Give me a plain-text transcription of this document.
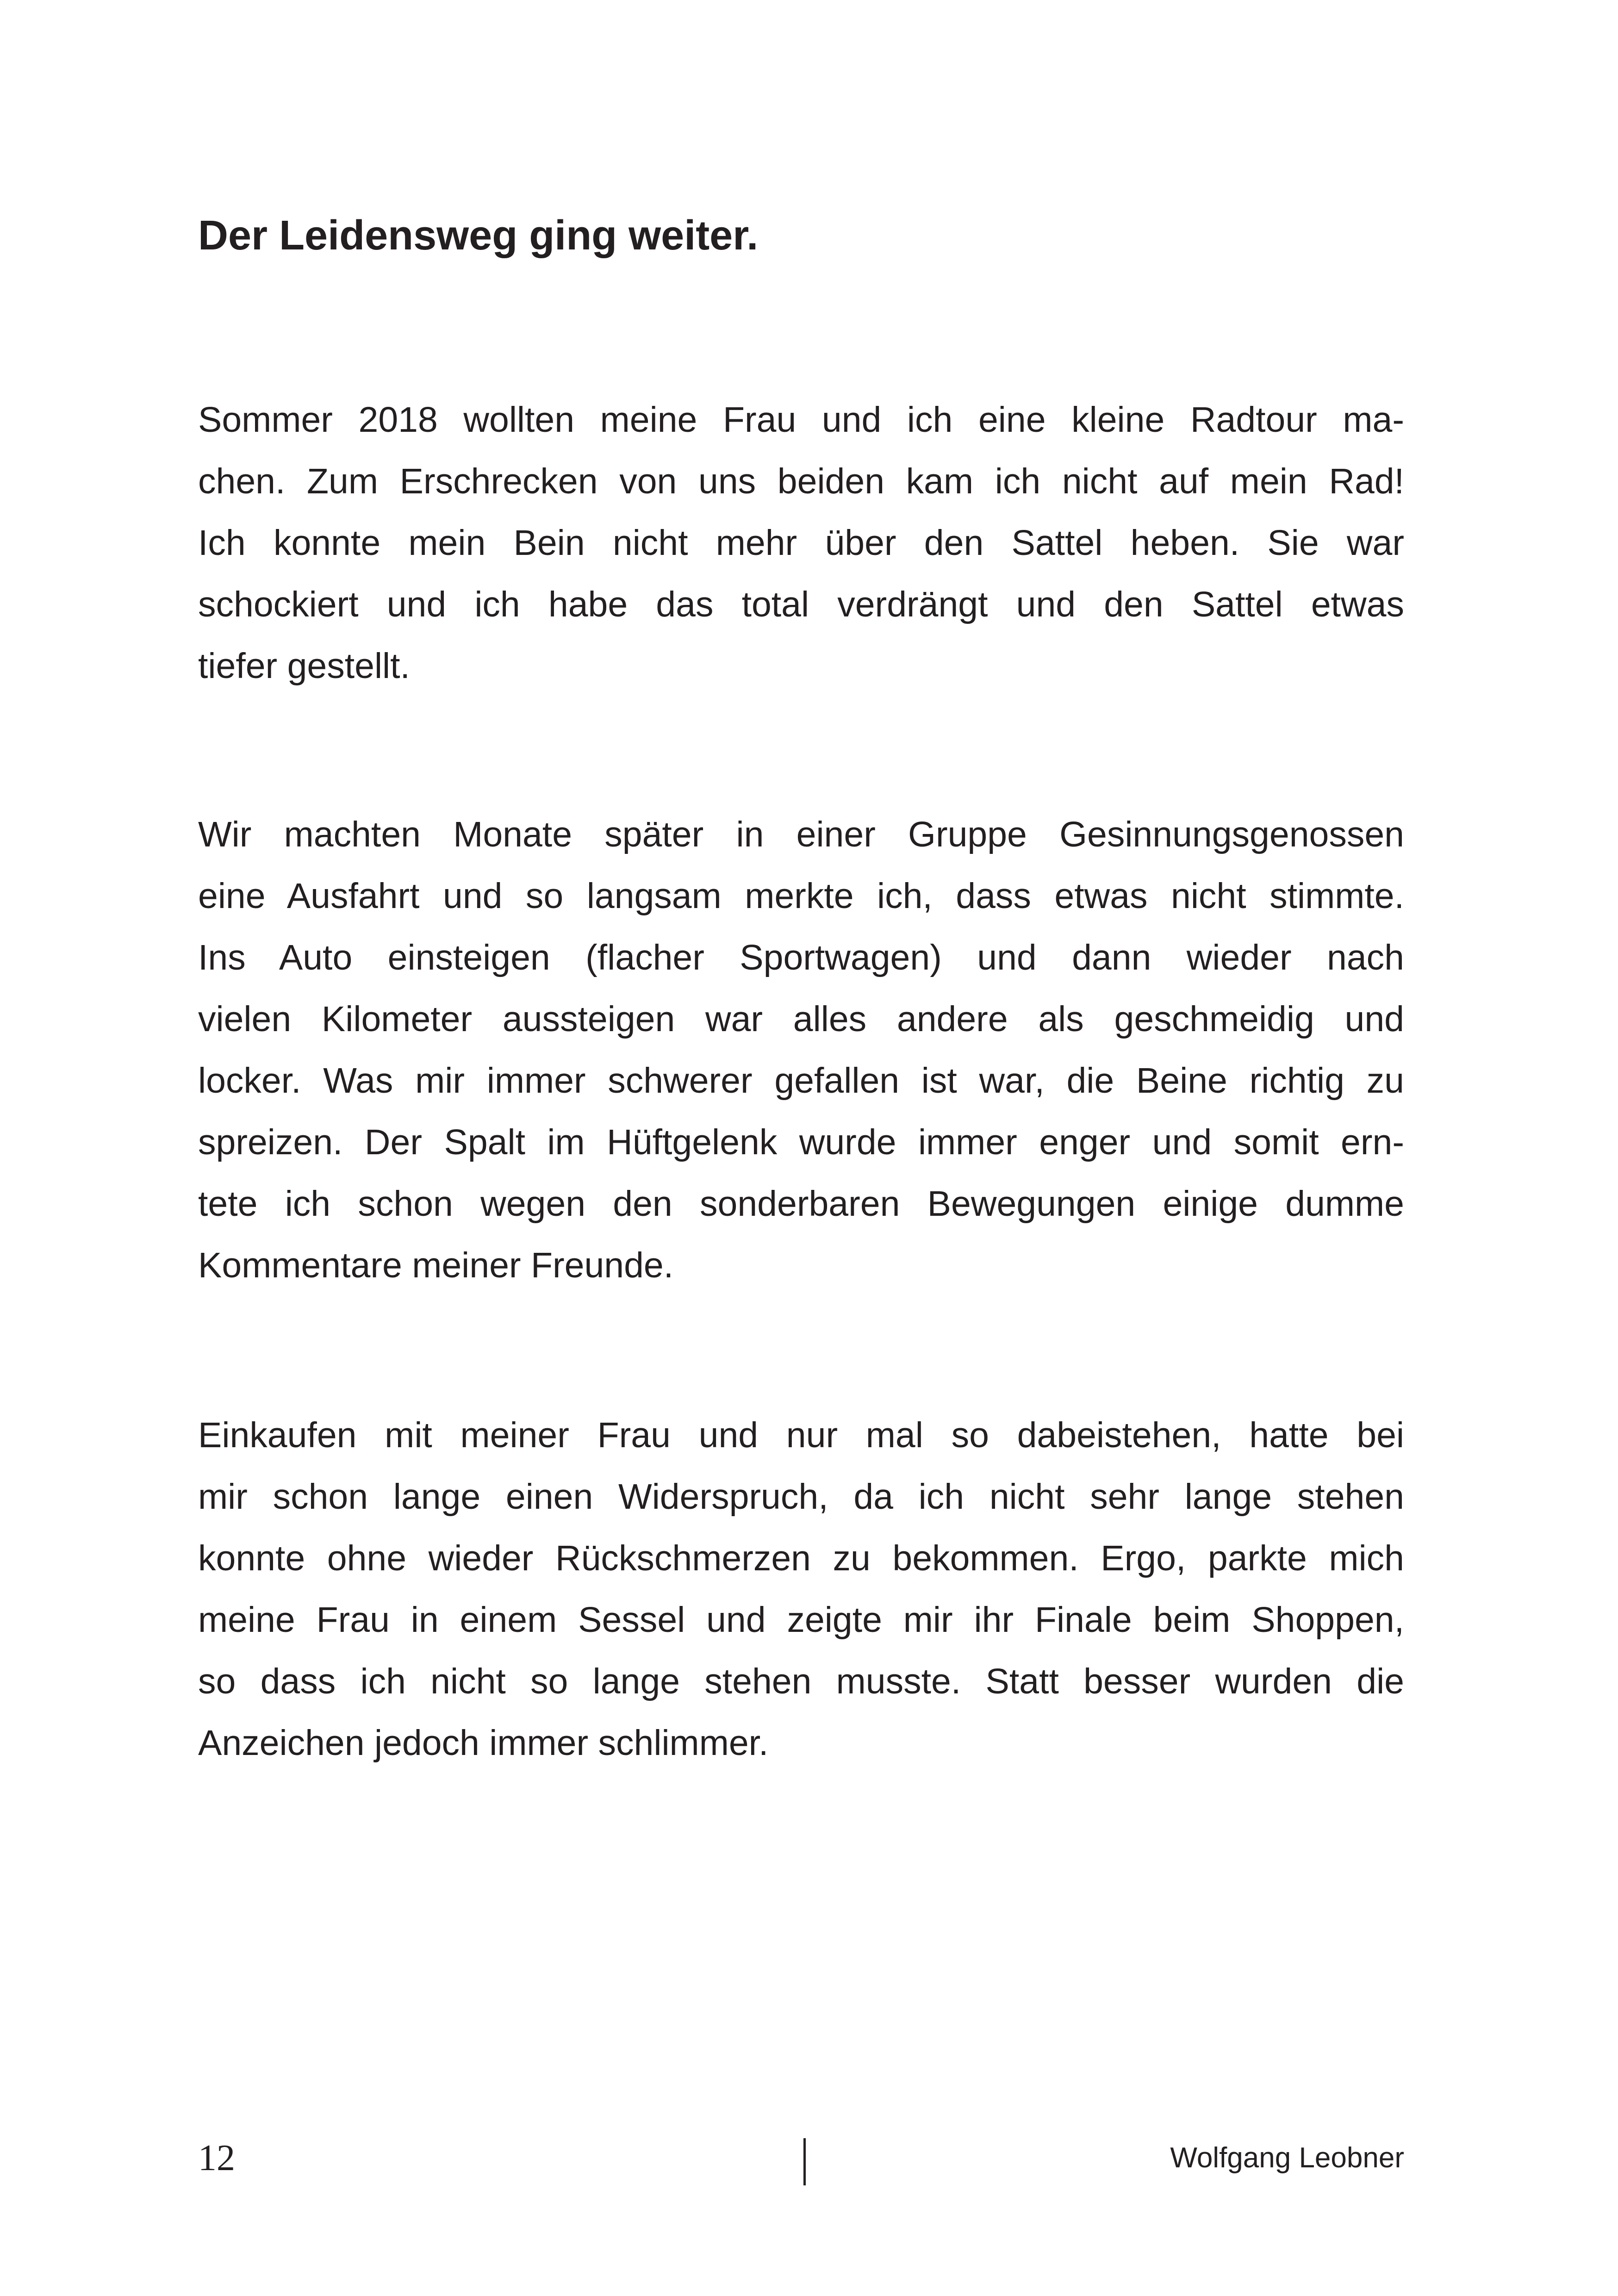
Der Leidensweg ging weiter.

Sommer 2018 wollten meine Frau und ich eine kleine Radtour ma-
chen. Zum Erschrecken von uns beiden kam ich nicht auf mein Rad!
Ich konnte mein Bein nicht mehr über den Sattel heben. Sie war
schockiert und ich habe das total verdrängt und den Sattel etwas
tiefer gestellt.

Wir machten Monate später in einer Gruppe Gesinnungsgenossen
eine Ausfahrt und so langsam merkte ich, dass etwas nicht stimmte.
Ins Auto einsteigen (flacher Sportwagen) und dann wieder nach
vielen Kilometer aussteigen war alles andere als geschmeidig und
locker. Was mir immer schwerer gefallen ist war, die Beine richtig zu
spreizen. Der Spalt im Hüftgelenk wurde immer enger und somit ern-
tete ich schon wegen den sonderbaren Bewegungen einige dumme
Kommentare meiner Freunde.

Einkaufen mit meiner Frau und nur mal so dabeistehen, hatte bei
mir schon lange einen Widerspruch, da ich nicht sehr lange stehen
konnte ohne wieder Rückschmerzen zu bekommen. Ergo, parkte mich
meine Frau in einem Sessel und zeigte mir ihr Finale beim Shoppen,
so dass ich nicht so lange stehen musste. Statt besser wurden die
Anzeichen jedoch immer schlimmer.

12	Wolfgang Leobner
